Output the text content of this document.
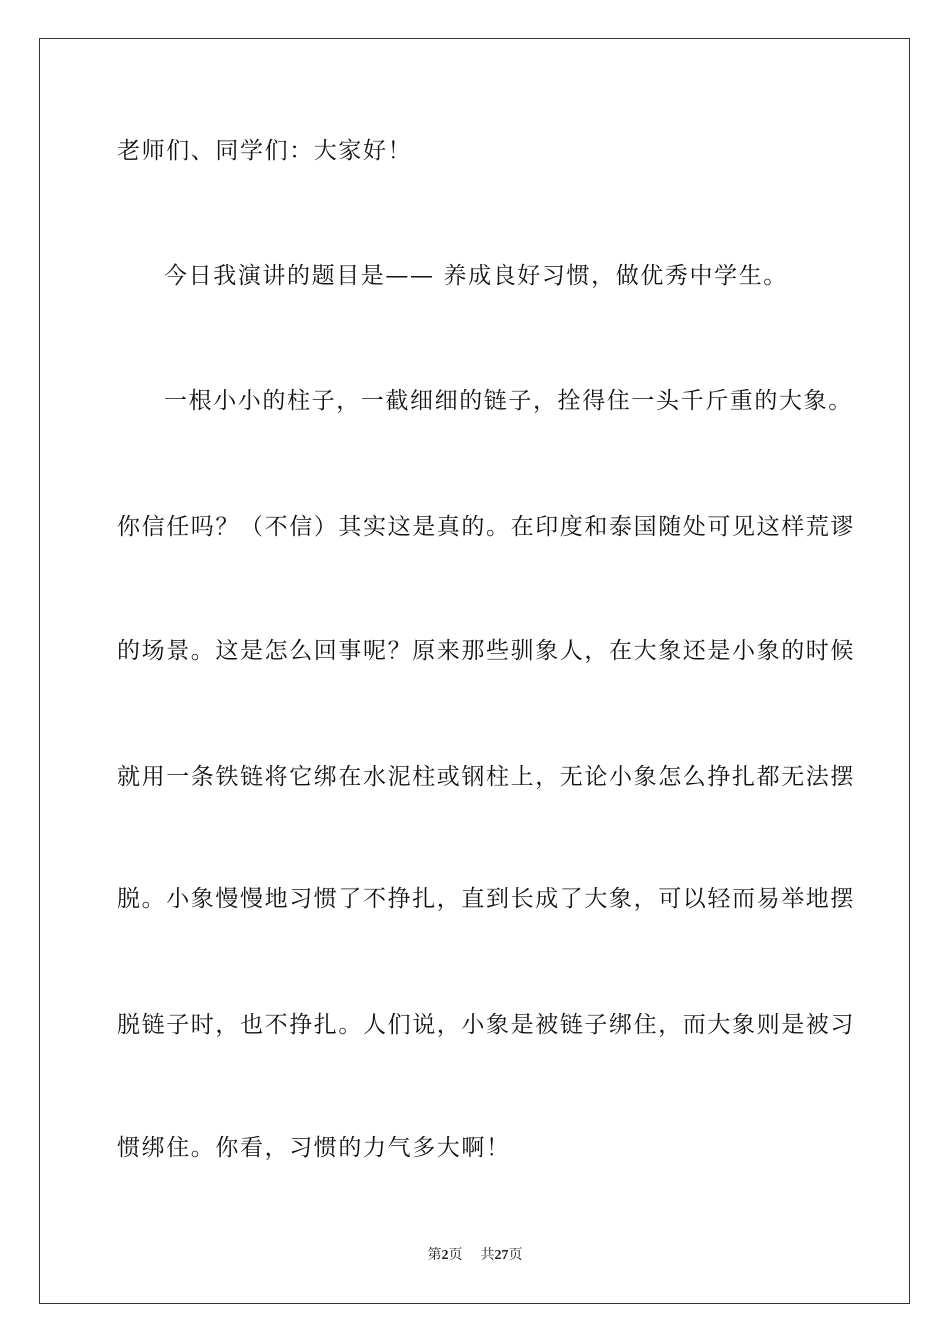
老师们、同学们：大家好！
今日我演讲的题目是—— 养成良好习惯，做优秀中学生。
一根小小的柱子，一截细细的链子，拴得住一头千斤重的大象。
你信任吗？（不信）其实这是真的。在印度和泰国随处可见这样荒谬
的场景。这是怎么回事呢？原来那些驯象人，在大象还是小象的时候
就用一条铁链将它绑在水泥柱或钢柱上，无论小象怎么挣扎都无法摆
脱。小象慢慢地习惯了不挣扎，直到长成了大象，可以轻而易举地摆
脱链子时，也不挣扎。人们说，小象是被链子绑住，而大象则是被习
惯绑住。你看，习惯的力气多大啊！
第2页 共27页
